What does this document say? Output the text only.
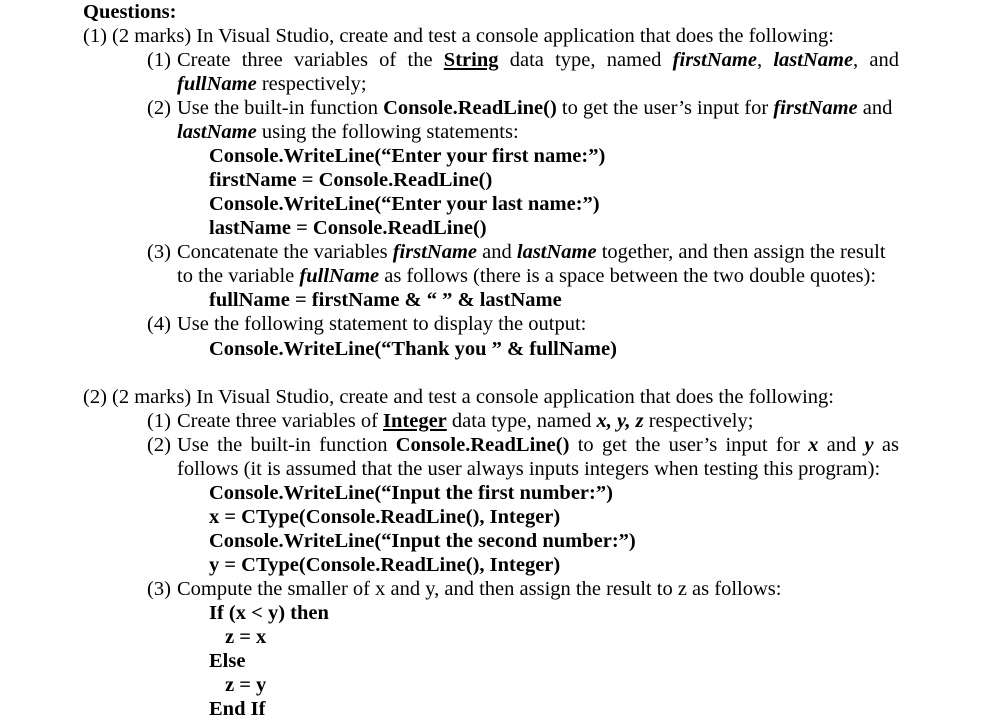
Questions:
(1) (2 marks) In Visual Studio, create and test a console application that does the following:
(1) Create three variables of the String data type, named firstName, lastName, and
fullName respectively;
(2) Use the built-in function Console.ReadLine() to get the user’s input for firstName and
lastName using the following statements:
Console.WriteLine(“Enter your first name:”)
firstName = Console.ReadLine()
Console.WriteLine(“Enter your last name:”)
lastName = Console.ReadLine()
(3) Concatenate the variables firstName and lastName together, and then assign the result
to the variable fullName as follows (there is a space between the two double quotes):
fullName = firstName & “ ” & lastName
(4) Use the following statement to display the output:
Console.WriteLine(“Thank you ” & fullName)
(2) (2 marks) In Visual Studio, create and test a console application that does the following:
(1) Create three variables of Integer data type, named x, y, z respectively;
(2) Use the built-in function Console.ReadLine() to get the user’s input for x and y as
follows (it is assumed that the user always inputs integers when testing this program):
Console.WriteLine(“Input the first number:”)
x = CType(Console.ReadLine(), Integer)
Console.WriteLine(“Input the second number:”)
y = CType(Console.ReadLine(), Integer)
(3) Compute the smaller of x and y, and then assign the result to z as follows:
If (x < y) then
z = x
Else
z = y
End If
